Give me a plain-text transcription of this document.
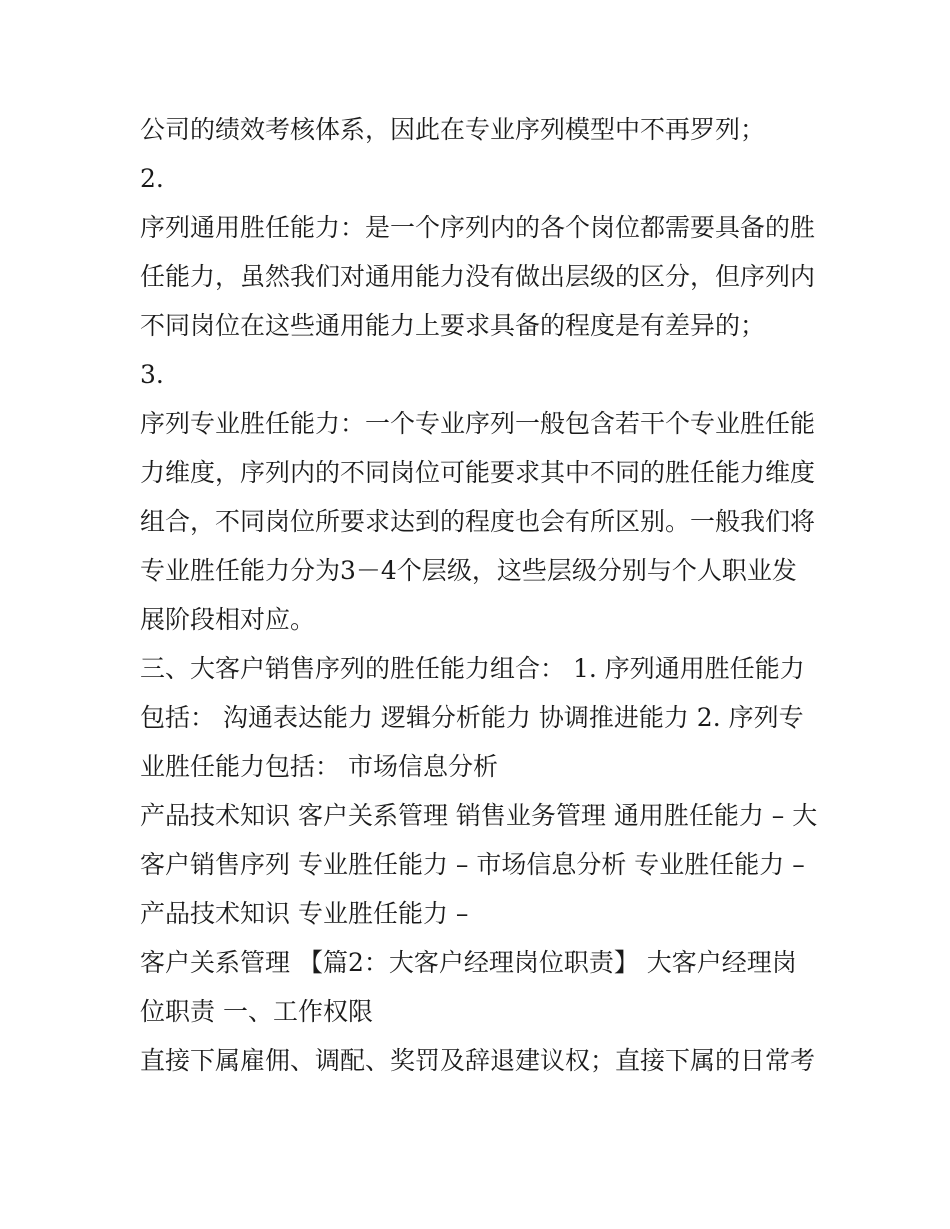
公司的绩效考核体系，因此在专业序列模型中不再罗列；
2.
序列通用胜任能力：是一个序列内的各个岗位都需要具备的胜
任能力，虽然我们对通用能力没有做出层级的区分，但序列内
不同岗位在这些通用能力上要求具备的程度是有差异的；
3.
序列专业胜任能力：一个专业序列一般包含若干个专业胜任能
力维度，序列内的不同岗位可能要求其中不同的胜任能力维度
组合，不同岗位所要求达到的程度也会有所区别。一般我们将
专业胜任能力分为3－4个层级，这些层级分别与个人职业发
展阶段相对应。
三、大客户销售序列的胜任能力组合： 1. 序列通用胜任能力
包括： 沟通表达能力 逻辑分析能力 协调推进能力 2. 序列专
业胜任能力包括： 市场信息分析
产品技术知识 客户关系管理 销售业务管理 通用胜任能力 – 大
客户销售序列 专业胜任能力 – 市场信息分析 专业胜任能力 –
产品技术知识 专业胜任能力 –
客户关系管理 【篇2：大客户经理岗位职责】 大客户经理岗
位职责 一、工作权限
直接下属雇佣、调配、奖罚及辞退建议权；直接下属的日常考
